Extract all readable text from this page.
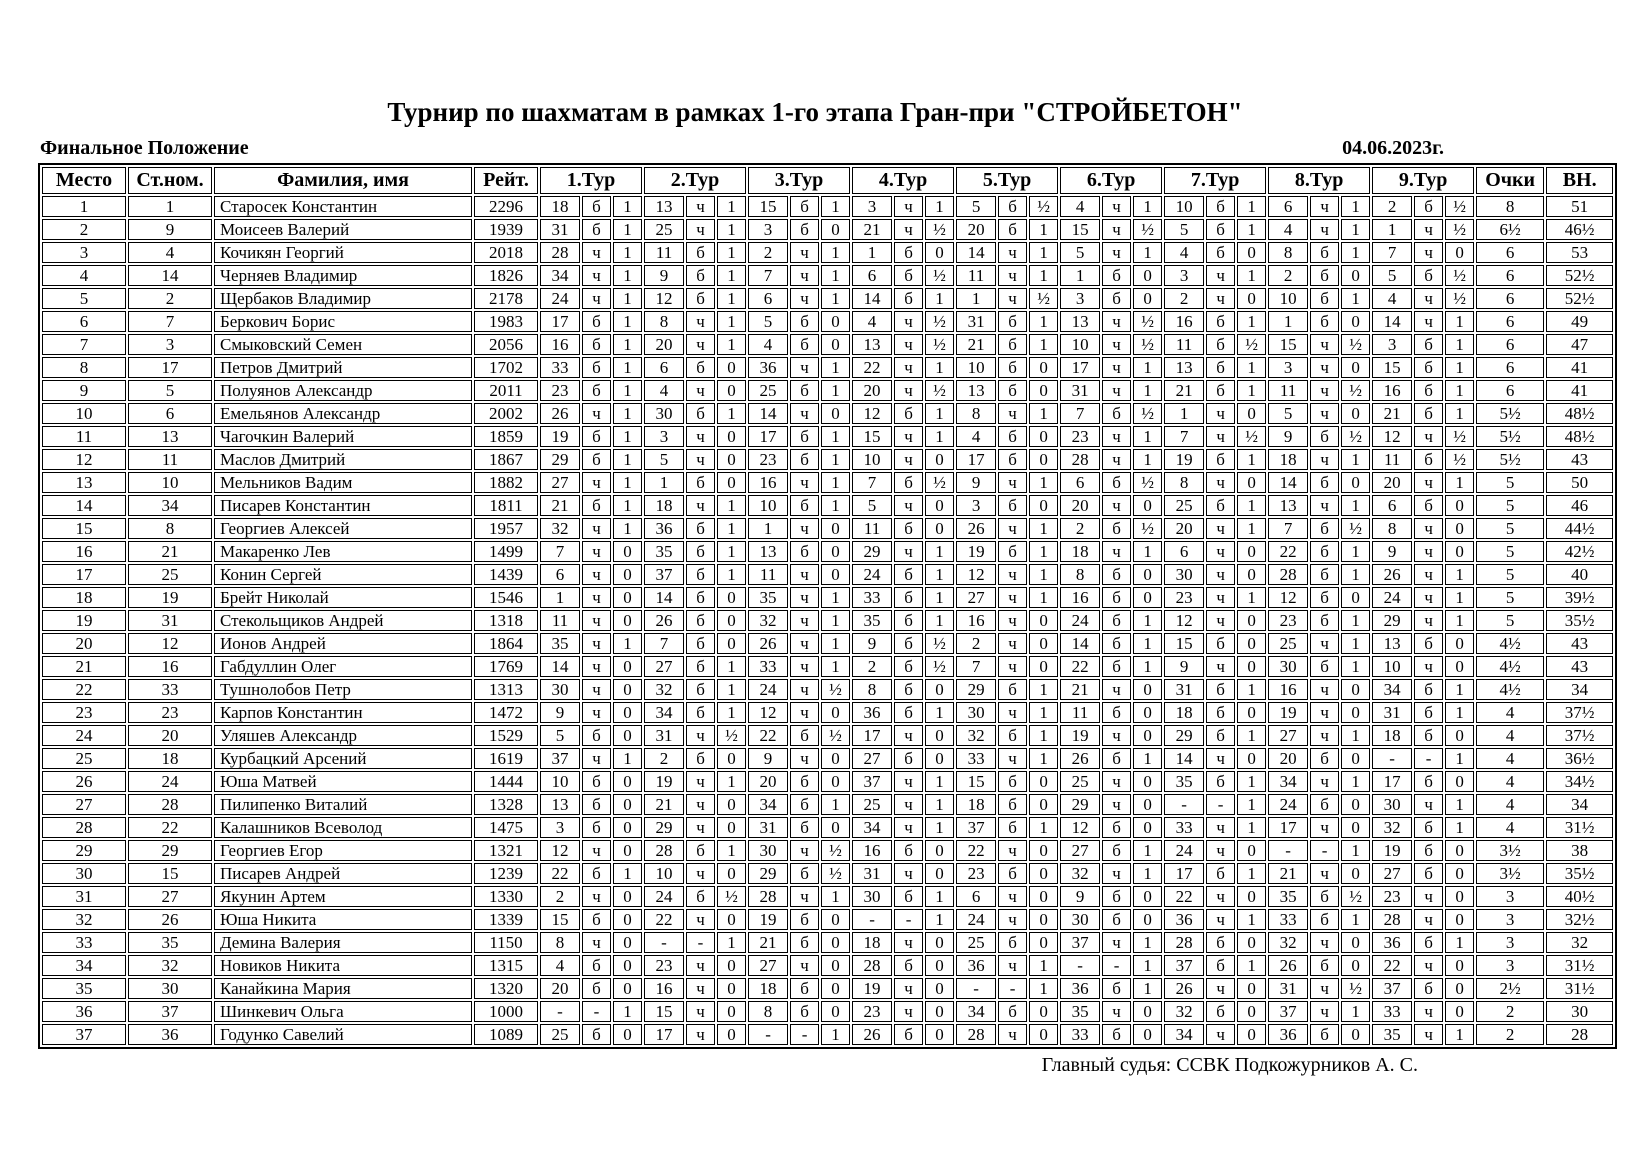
Турнир по шахматам в рамках 1-го этапа Гран-при "СТРОЙБЕТОН"
Финальное Положение	04.06.2023г.
Место	Ст.ном.	Фамилия, имя	Рейт.	1.Тур			2.Тур			3.Тур			4.Тур			5.Тур			6.Тур			7.Тур			8.Тур			9.Тур			Очки	ВН.
1	1	Старосек Константин	2296	18	б	1	13	ч	1	15	б	1	3	ч	1	5	б	½	4	ч	1	10	б	1	6	ч	1	2	б	½	8	51
2	9	Моисеев Валерий	1939	31	б	1	25	ч	1	3	б	0	21	ч	½	20	б	1	15	ч	½	5	б	1	4	ч	1	1	ч	½	6½	46½
3	4	Кочикян Георгий	2018	28	ч	1	11	б	1	2	ч	1	1	б	0	14	ч	1	5	ч	1	4	б	0	8	б	1	7	ч	0	6	53
4	14	Черняев Владимир	1826	34	ч	1	9	б	1	7	ч	1	6	б	½	11	ч	1	1	б	0	3	ч	1	2	б	0	5	б	½	6	52½
5	2	Щербаков Владимир	2178	24	ч	1	12	б	1	6	ч	1	14	б	1	1	ч	½	3	б	0	2	ч	0	10	б	1	4	ч	½	6	52½
6	7	Беркович Борис	1983	17	б	1	8	ч	1	5	б	0	4	ч	½	31	б	1	13	ч	½	16	б	1	1	б	0	14	ч	1	6	49
7	3	Смыковский Семен	2056	16	б	1	20	ч	1	4	б	0	13	ч	½	21	б	1	10	ч	½	11	б	½	15	ч	½	3	б	1	6	47
8	17	Петров Дмитрий	1702	33	б	1	6	б	0	36	ч	1	22	ч	1	10	б	0	17	ч	1	13	б	1	3	ч	0	15	б	1	6	41
9	5	Полуянов Александр	2011	23	б	1	4	ч	0	25	б	1	20	ч	½	13	б	0	31	ч	1	21	б	1	11	ч	½	16	б	1	6	41
10	6	Емельянов Александр	2002	26	ч	1	30	б	1	14	ч	0	12	б	1	8	ч	1	7	б	½	1	ч	0	5	ч	0	21	б	1	5½	48½
11	13	Чагочкин Валерий	1859	19	б	1	3	ч	0	17	б	1	15	ч	1	4	б	0	23	ч	1	7	ч	½	9	б	½	12	ч	½	5½	48½
12	11	Маслов Дмитрий	1867	29	б	1	5	ч	0	23	б	1	10	ч	0	17	б	0	28	ч	1	19	б	1	18	ч	1	11	б	½	5½	43
13	10	Мельников Вадим	1882	27	ч	1	1	б	0	16	ч	1	7	б	½	9	ч	1	6	б	½	8	ч	0	14	б	0	20	ч	1	5	50
14	34	Писарев Константин	1811	21	б	1	18	ч	1	10	б	1	5	ч	0	3	б	0	20	ч	0	25	б	1	13	ч	1	6	б	0	5	46
15	8	Георгиев Алексей	1957	32	ч	1	36	б	1	1	ч	0	11	б	0	26	ч	1	2	б	½	20	ч	1	7	б	½	8	ч	0	5	44½
16	21	Макаренко Лев	1499	7	ч	0	35	б	1	13	б	0	29	ч	1	19	б	1	18	ч	1	6	ч	0	22	б	1	9	ч	0	5	42½
17	25	Конин Сергей	1439	6	ч	0	37	б	1	11	ч	0	24	б	1	12	ч	1	8	б	0	30	ч	0	28	б	1	26	ч	1	5	40
18	19	Брейт Николай	1546	1	ч	0	14	б	0	35	ч	1	33	б	1	27	ч	1	16	б	0	23	ч	1	12	б	0	24	ч	1	5	39½
19	31	Стекольщиков Андрей	1318	11	ч	0	26	б	0	32	ч	1	35	б	1	16	ч	0	24	б	1	12	ч	0	23	б	1	29	ч	1	5	35½
20	12	Ионов Андрей	1864	35	ч	1	7	б	0	26	ч	1	9	б	½	2	ч	0	14	б	1	15	б	0	25	ч	1	13	б	0	4½	43
21	16	Габдуллин Олег	1769	14	ч	0	27	б	1	33	ч	1	2	б	½	7	ч	0	22	б	1	9	ч	0	30	б	1	10	ч	0	4½	43
22	33	Тушнолобов Петр	1313	30	ч	0	32	б	1	24	ч	½	8	б	0	29	б	1	21	ч	0	31	б	1	16	ч	0	34	б	1	4½	34
23	23	Карпов Константин	1472	9	ч	0	34	б	1	12	ч	0	36	б	1	30	ч	1	11	б	0	18	б	0	19	ч	0	31	б	1	4	37½
24	20	Уляшев Александр	1529	5	б	0	31	ч	½	22	б	½	17	ч	0	32	б	1	19	ч	0	29	б	1	27	ч	1	18	б	0	4	37½
25	18	Курбацкий Арсений	1619	37	ч	1	2	б	0	9	ч	0	27	б	0	33	ч	1	26	б	1	14	ч	0	20	б	0	-	-	1	4	36½
26	24	Юша Матвей	1444	10	б	0	19	ч	1	20	б	0	37	ч	1	15	б	0	25	ч	0	35	б	1	34	ч	1	17	б	0	4	34½
27	28	Пилипенко Виталий	1328	13	б	0	21	ч	0	34	б	1	25	ч	1	18	б	0	29	ч	0	-	-	1	24	б	0	30	ч	1	4	34
28	22	Калашников Всеволод	1475	3	б	0	29	ч	0	31	б	0	34	ч	1	37	б	1	12	б	0	33	ч	1	17	ч	0	32	б	1	4	31½
29	29	Георгиев Егор	1321	12	ч	0	28	б	1	30	ч	½	16	б	0	22	ч	0	27	б	1	24	ч	0	-	-	1	19	б	0	3½	38
30	15	Писарев Андрей	1239	22	б	1	10	ч	0	29	б	½	31	ч	0	23	б	0	32	ч	1	17	б	1	21	ч	0	27	б	0	3½	35½
31	27	Якунин Артем	1330	2	ч	0	24	б	½	28	ч	1	30	б	1	6	ч	0	9	б	0	22	ч	0	35	б	½	23	ч	0	3	40½
32	26	Юша Никита	1339	15	б	0	22	ч	0	19	б	0	-	-	1	24	ч	0	30	б	0	36	ч	1	33	б	1	28	ч	0	3	32½
33	35	Демина Валерия	1150	8	ч	0	-	-	1	21	б	0	18	ч	0	25	б	0	37	ч	1	28	б	0	32	ч	0	36	б	1	3	32
34	32	Новиков Никита	1315	4	б	0	23	ч	0	27	ч	0	28	б	0	36	ч	1	-	-	1	37	б	1	26	б	0	22	ч	0	3	31½
35	30	Канайкина Мария	1320	20	б	0	16	ч	0	18	б	0	19	ч	0	-	-	1	36	б	1	26	ч	0	31	ч	½	37	б	0	2½	31½
36	37	Шинкевич Ольга	1000	-	-	1	15	ч	0	8	б	0	23	ч	0	34	б	0	35	ч	0	32	б	0	37	ч	1	33	ч	0	2	30
37	36	Годунко Савелий	1089	25	б	0	17	ч	0	-	-	1	26	б	0	28	ч	0	33	б	0	34	ч	0	36	б	0	35	ч	1	2	28
Главный судья: ССВК Подкожурников А. С.
